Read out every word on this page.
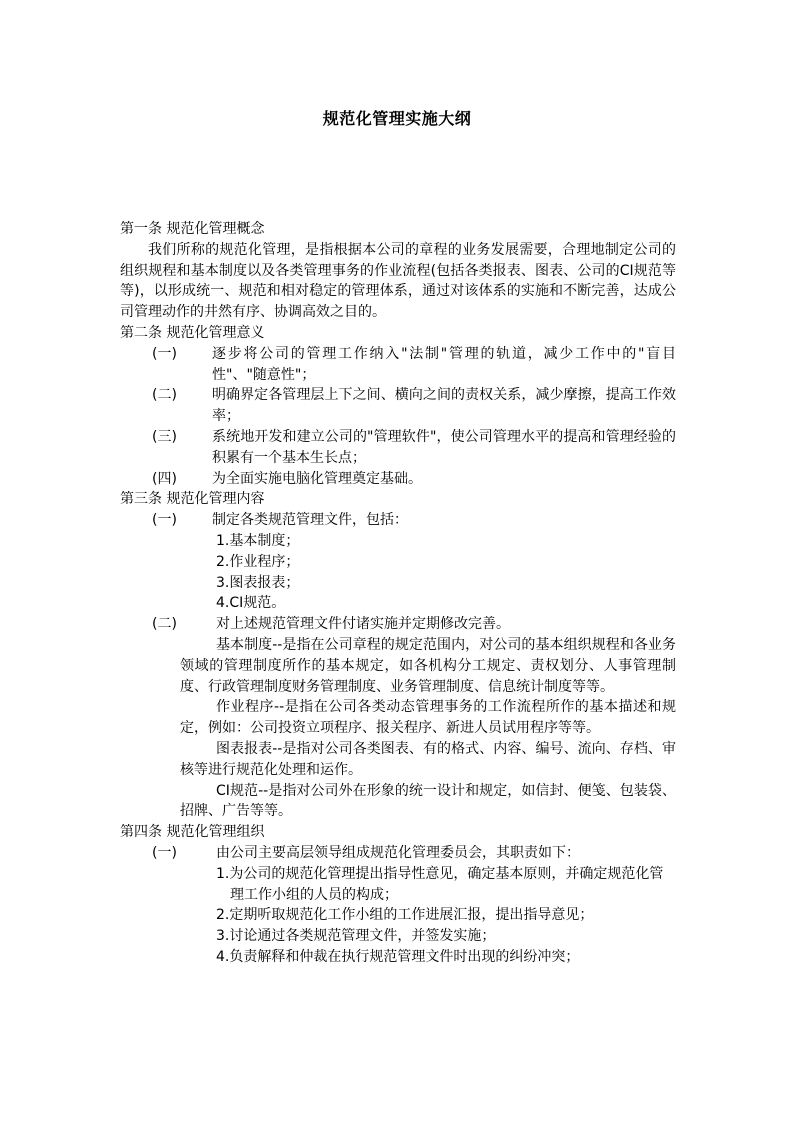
规范化管理实施大纲
第一条 规范化管理概念
我们所称的规范化管理，是指根据本公司的章程的业务发展需要，合理地制定公司的组织规程和基本制度以及各类管理事务的作业流程(包括各类报表、图表、公司的CI规范等等)，以形成统一、规范和相对稳定的管理体系，通过对该体系的实施和不断完善，达成公司管理动作的井然有序、协调高效之目的。
第二条 规范化管理意义
(一)	逐步将公司的管理工作纳入"法制"管理的轨道，减少工作中的"盲目性"、"随意性"；
(二)	明确界定各管理层上下之间、横向之间的责权关系，减少摩擦，提高工作效率；
(三)	系统地开发和建立公司的"管理软件"，使公司管理水平的提高和管理经验的积累有一个基本生长点；
(四)	为全面实施电脑化管理奠定基础。
第三条 规范化管理内容
(一)	制定各类规范管理文件，包括：
1.基本制度；
2.作业程序；
3.图表报表；
4.CI规范。
(二)	对上述规范管理文件付诸实施并定期修改完善。
基本制度--是指在公司章程的规定范围内，对公司的基本组织规程和各业务领域的管理制度所作的基本规定，如各机构分工规定、责权划分、人事管理制度、行政管理制度财务管理制度、业务管理制度、信息统计制度等等。
作业程序--是指在公司各类动态管理事务的工作流程所作的基本描述和规定，例如：公司投资立项程序、报关程序、新进人员试用程序等等。
图表报表--是指对公司各类图表、有的格式、内容、编号、流向、存档、审核等进行规范化处理和运作。
CI规范--是指对公司外在形象的统一设计和规定，如信封、便笺、包装袋、招牌、广告等等。
第四条 规范化管理组织
(一)	由公司主要高层领导组成规范化管理委员会，其职责如下：
1.为公司的规范化管理提出指导性意见，确定基本原则，并确定规范化管理工作小组的人员的构成；
2.定期听取规范化工作小组的工作进展汇报，提出指导意见；
3.讨论通过各类规范管理文件，并签发实施；
4.负责解释和仲裁在执行规范管理文件时出现的纠纷冲突；
